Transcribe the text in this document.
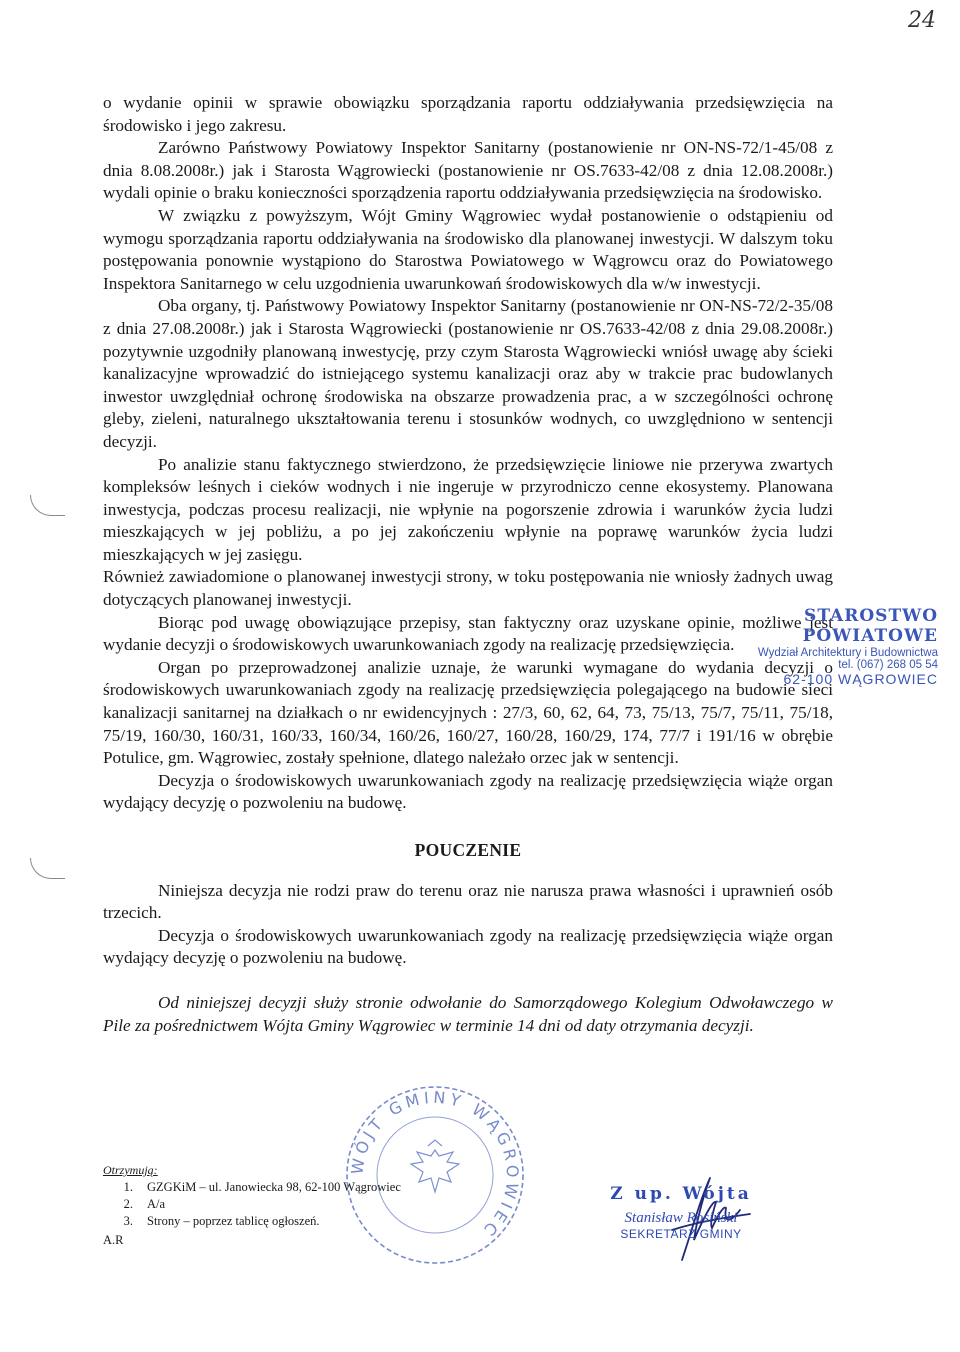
24

o wydanie opinii w sprawie obowiązku sporządzania raportu oddziaływania przedsięwzięcia na środowisko i jego zakresu.

Zarówno Państwowy Powiatowy Inspektor Sanitarny (postanowienie nr ON-NS-72/1-45/08 z dnia 8.08.2008r.) jak i Starosta Wągrowiecki (postanowienie nr OS.7633-42/08 z dnia 12.08.2008r.) wydali opinie o braku konieczności sporządzenia raportu oddziaływania przedsięwzięcia na środowisko.

W związku z powyższym, Wójt Gminy Wągrowiec wydał postanowienie o odstąpieniu od wymogu sporządzania raportu oddziaływania na środowisko dla planowanej inwestycji. W dalszym toku postępowania ponownie wystąpiono do Starostwa Powiatowego w Wągrowcu oraz do Powiatowego Inspektora Sanitarnego w celu uzgodnienia uwarunkowań środowiskowych dla w/w inwestycji.

Oba organy, tj. Państwowy Powiatowy Inspektor Sanitarny (postanowienie nr ON-NS-72/2-35/08 z dnia 27.08.2008r.) jak i Starosta Wągrowiecki (postanowienie nr OS.7633-42/08 z dnia 29.08.2008r.) pozytywnie uzgodniły planowaną inwestycję, przy czym Starosta Wągrowiecki wniósł uwagę aby ścieki kanalizacyjne wprowadzić do istniejącego systemu kanalizacji oraz aby w trakcie prac budowlanych inwestor uwzględniał ochronę środowiska na obszarze prowadzenia prac, a w szczególności ochronę gleby, zieleni, naturalnego ukształtowania terenu i stosunków wodnych, co uwzględniono w sentencji decyzji.

Po analizie stanu faktycznego stwierdzono, że przedsięwzięcie liniowe nie przerywa zwartych kompleksów leśnych i cieków wodnych i nie ingeruje w przyrodniczo cenne ekosystemy. Planowana inwestycja, podczas procesu realizacji, nie wpłynie na pogorszenie zdrowia i warunków życia ludzi mieszkających w jej pobliżu, a po jej zakończeniu wpłynie na poprawę warunków życia ludzi mieszkających w jej zasięgu.

Również zawiadomione o planowanej inwestycji strony, w toku postępowania nie wniosły żadnych uwag dotyczących planowanej inwestycji.

Biorąc pod uwagę obowiązujące przepisy, stan faktyczny oraz uzyskane opinie, możliwe jest wydanie decyzji o środowiskowych uwarunkowaniach zgody na realizację przedsięwzięcia.

Organ po przeprowadzonej analizie uznaje, że warunki wymagane do wydania decyzji o środowiskowych uwarunkowaniach zgody na realizację przedsięwzięcia polegającego na budowie sieci kanalizacji sanitarnej na działkach o nr ewidencyjnych : 27/3, 60, 62, 64, 73, 75/13, 75/7, 75/11, 75/18, 75/19, 160/30, 160/31, 160/33, 160/34, 160/26, 160/27, 160/28, 160/29, 174, 77/7 i 191/16 w obrębie Potulice, gm. Wągrowiec, zostały spełnione, dlatego należało orzec jak w sentencji.

Decyzja o środowiskowych uwarunkowaniach zgody na realizację przedsięwzięcia wiąże organ wydający decyzję o pozwoleniu na budowę.

POUCZENIE

Niniejsza decyzja nie rodzi praw do terenu oraz nie narusza prawa własności i uprawnień osób trzecich.

Decyzja o środowiskowych uwarunkowaniach zgody na realizację przedsięwzięcia wiąże organ wydający decyzję o pozwoleniu na budowę.

Od niniejszej decyzji służy stronie odwołanie do Samorządowego Kolegium Odwoławczego w Pile za pośrednictwem Wójta Gminy Wągrowiec w terminie 14 dni od daty otrzymania decyzji.

Otrzymują:
1.	GZGKiM – ul. Janowiecka 98, 62-100 Wągrowiec
2.	A/a
3.	Strony – poprzez tablicę ogłoszeń.
A.R
STAROSTWO POWIATOWE
Wydział Architektury i Budownictwa
tel. (067) 268 05 54
62-100 WĄGROWIEC
WÓJT GMINY WĄGROWIEC
Z up. Wójta
Stanisław Rosiński
SEKRETARZ GMINY
